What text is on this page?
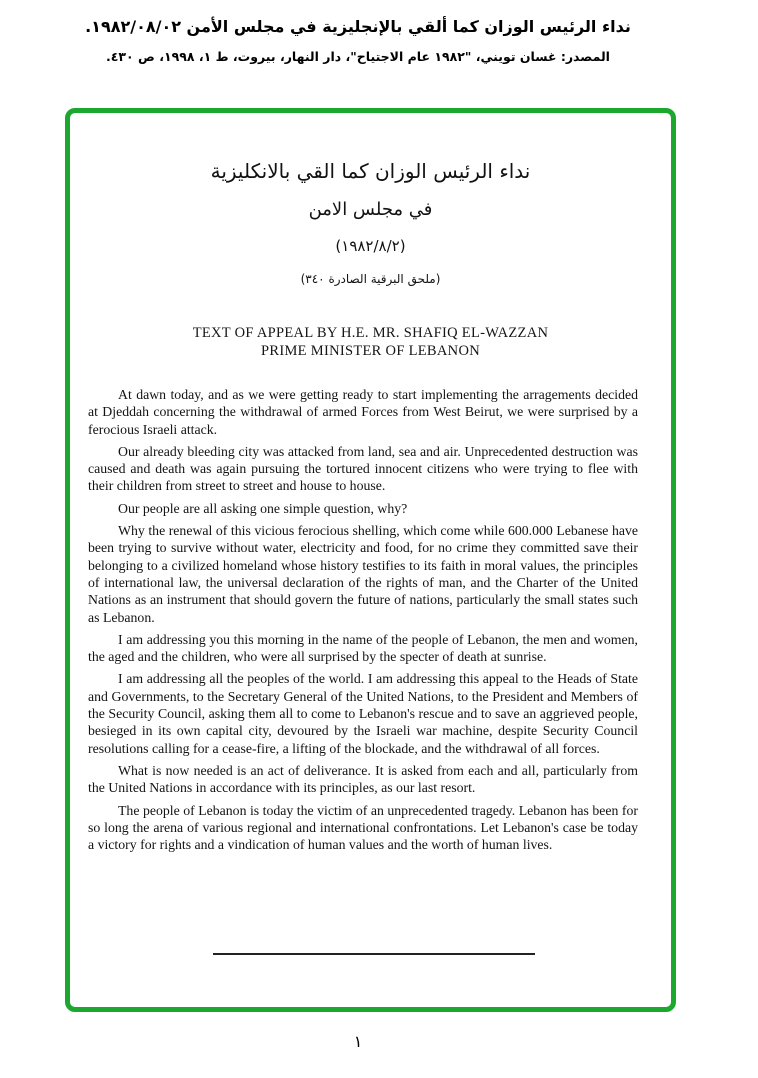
نداء الرئيس الوزان كما ألقي بالإنجليزية في مجلس الأمن ١٩٨٢/٠٨/٠٢.
المصدر: غسان تويني، "١٩٨٢ عام الاجتياح"، دار النهار، بيروت، ط ١، ١٩٩٨، ص ٤٣٠.
نداء الرئيس الوزان كما القي بالانكليزية
في مجلس الامن
(١٩٨٢/٨/٢)
(ملحق البرقية الصادرة ٣٤٠)
TEXT OF APPEAL BY H.E. MR. SHAFIQ EL-WAZZAN
PRIME MINISTER OF LEBANON

At dawn today, and as we were getting ready to start implementing the arragements decided at Djeddah concerning the withdrawal of armed Forces from West Beirut, we were surprised by a ferocious Israeli attack.

Our already bleeding city was attacked from land, sea and air. Unprecedented destruction was caused and death was again pursuing the tortured innocent citizens who were trying to flee with their children from street to street and house to house.

Our people are all asking one simple question, why?

Why the renewal of this vicious ferocious shelling, which come while 600.000 Lebanese have been trying to survive without water, electricity and food, for no crime they committed save their belonging to a civilized homeland whose history testifies to its faith in moral values, the principles of international law, the universal declaration of the rights of man, and the Charter of the United Nations as an instrument that should govern the future of nations, particularly the small states such as Lebanon.

I am addressing you this morning in the name of the people of Lebanon, the men and women, the aged and the children, who were all surprised by the specter of death at sunrise.

I am addressing all the peoples of the world. I am addressing this appeal to the Heads of State and Governments, to the Secretary General of the United Nations, to the President and Members of the Security Council, asking them all to come to Lebanon's rescue and to save an aggrieved people, besieged in its own capital city, devoured by the Israeli war machine, despite Security Council resolutions calling for a cease-fire, a lifting of the blockade, and the withdrawal of all forces.

What is now needed is an act of deliverance. It is asked from each and all, particularly from the United Nations in accordance with its principles, as our last resort.

The people of Lebanon is today the victim of an unprecedented tragedy. Lebanon has been for so long the arena of various regional and international confrontations. Let Lebanon's case be today a victory for rights and a vindication of human values and the worth of human lives.

١
